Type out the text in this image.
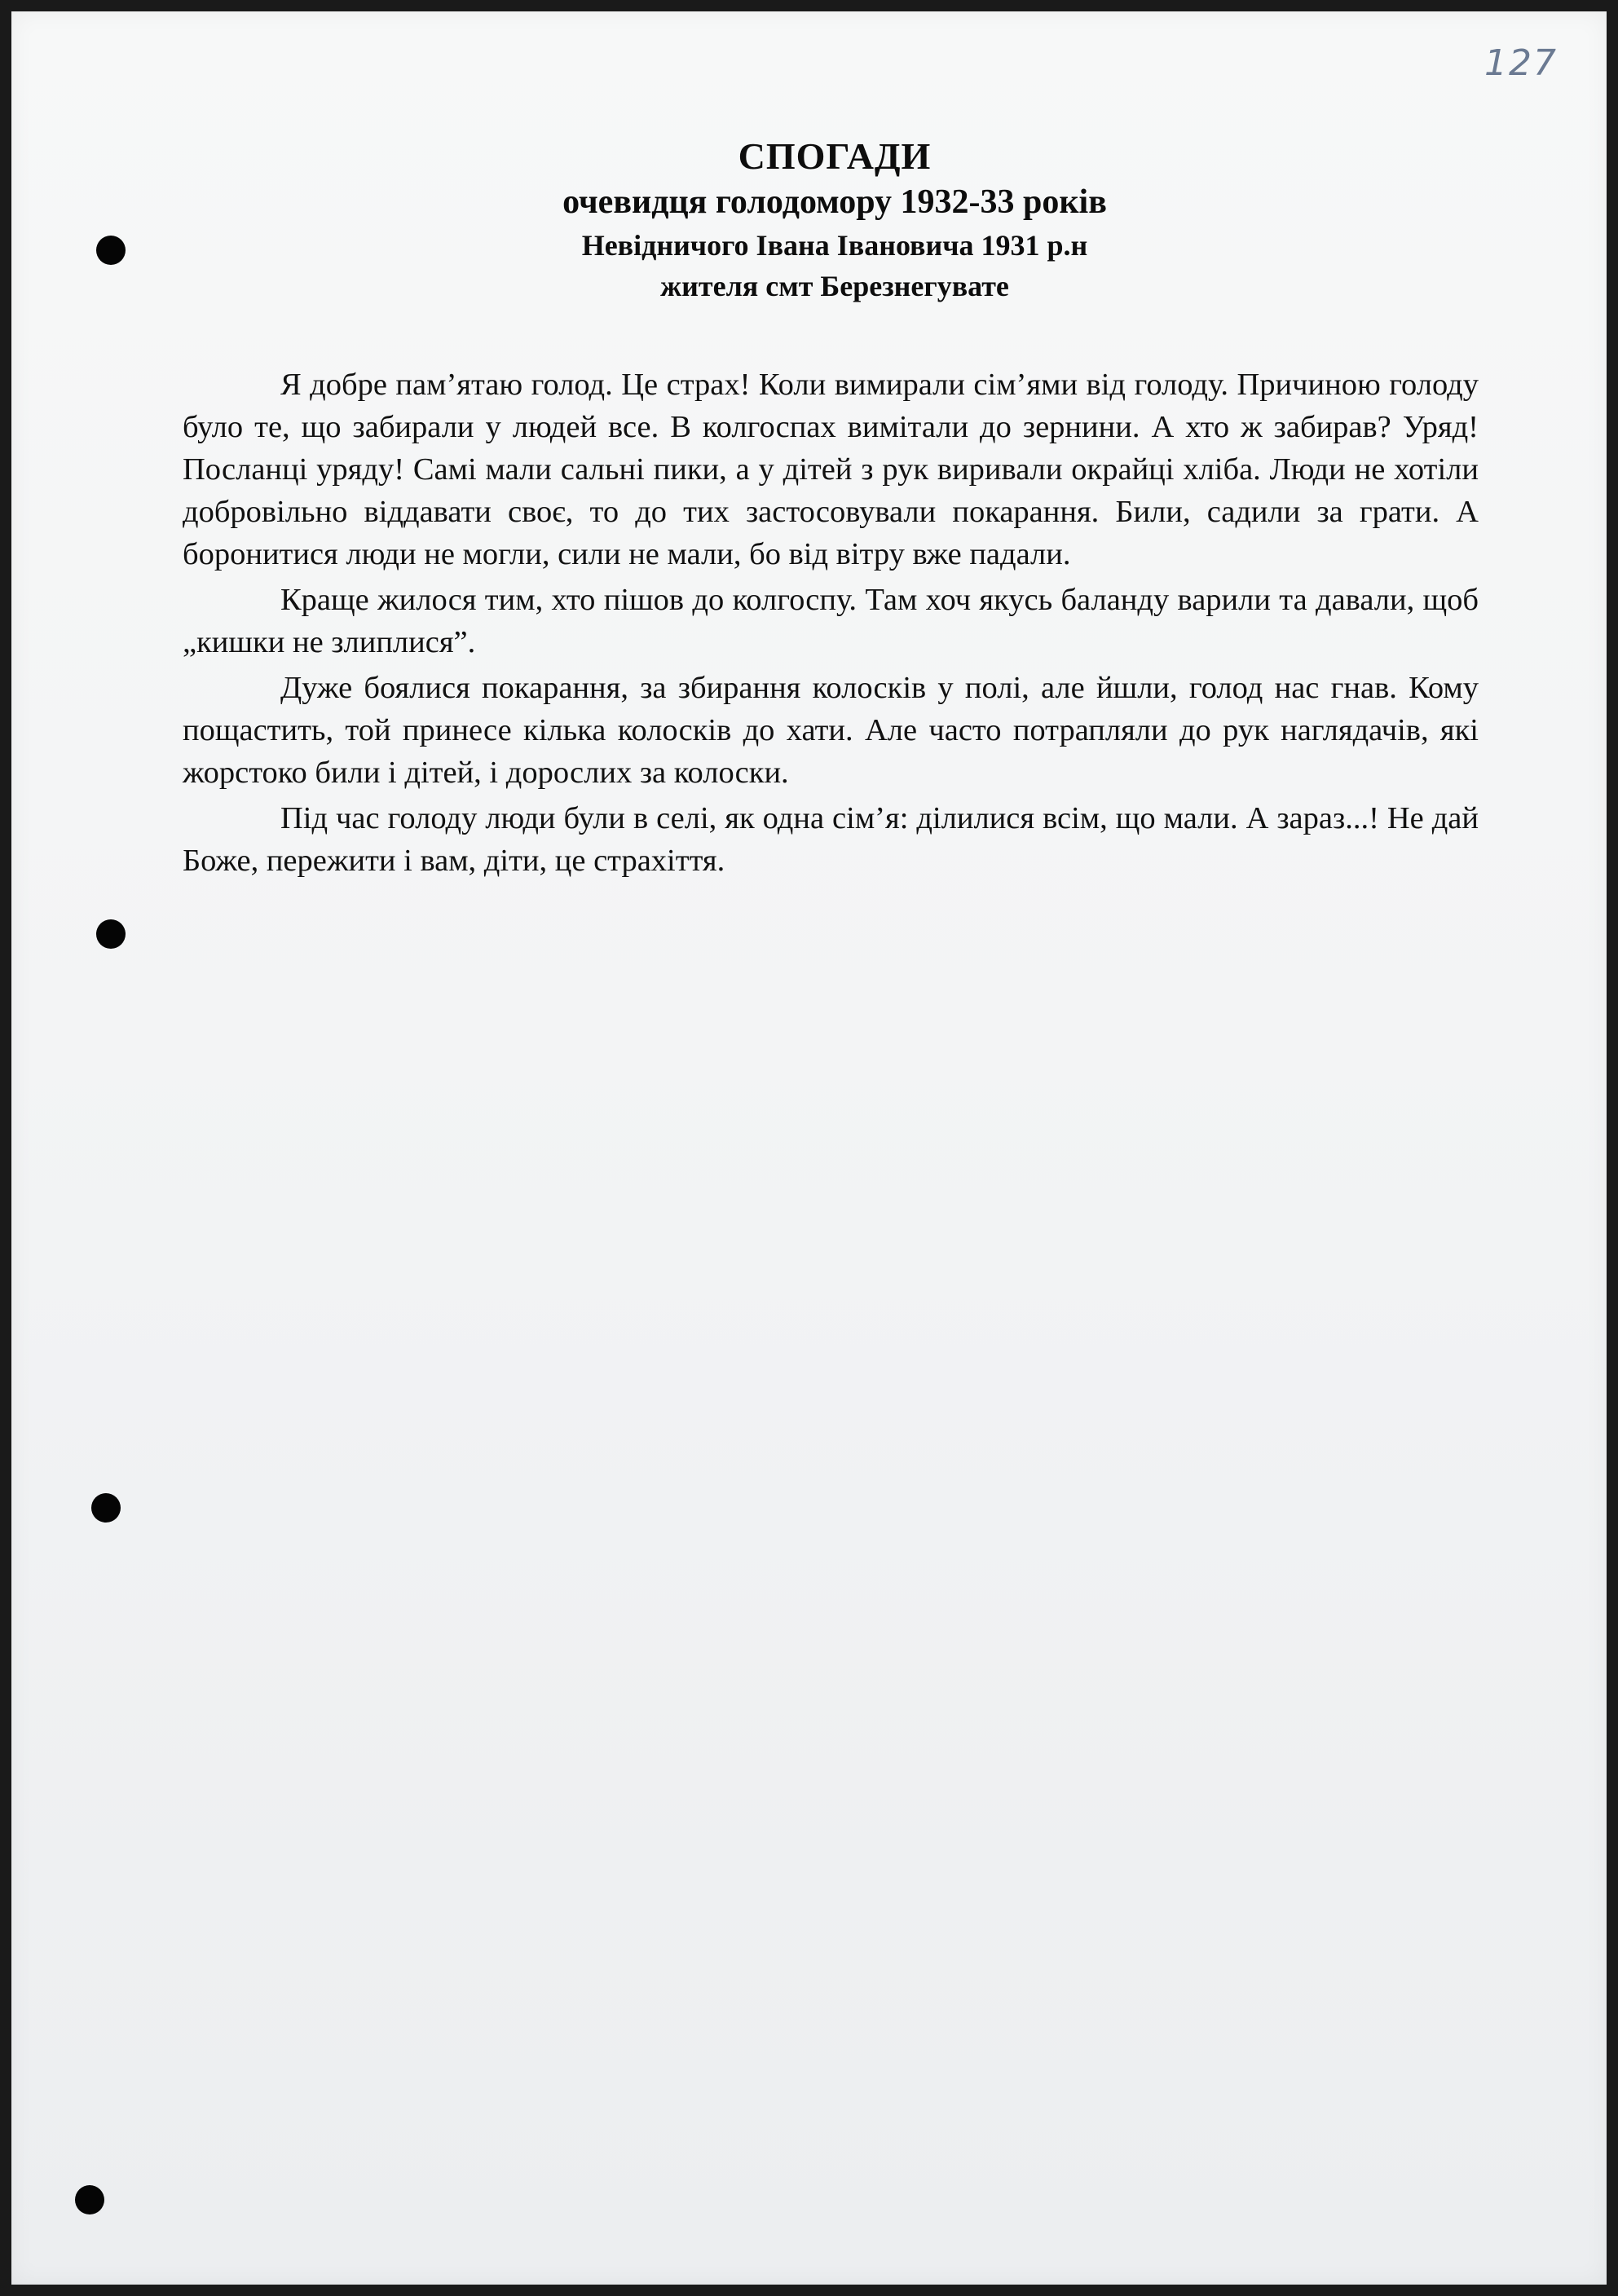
127
СПОГАДИ
очевидця голодомору 1932-33 років
Невідничого Івана Івановича 1931 р.н
жителя смт Березнегувате

Я добре пам’ятаю голод. Це страх! Коли вимирали сім’ями від голоду. Причиною голоду було те, що забирали у людей все. В колгоспах вимітали до зернини. А хто ж забирав? Уряд! Посланці уряду! Самі мали сальні пики, а у дітей з рук виривали окрайці хліба. Люди не хотіли добровільно віддавати своє, то до тих застосовували покарання. Били, садили за грати. А боронитися люди не могли, сили не мали, бо від вітру вже падали.

Краще жилося тим, хто пішов до колгоспу. Там хоч якусь баланду варили та давали, щоб „кишки не злиплися”.

Дуже боялися покарання, за збирання колосків у полі, але йшли, голод нас гнав. Кому пощастить, той принесе кілька колосків до хати. Але часто потрапляли до рук наглядачів, які жорстоко били і дітей, і дорослих за колоски.

Під час голоду люди були в селі, як одна сім’я: ділилися всім, що мали. А зараз...! Не дай Боже, пережити і вам, діти, це страхіття.
